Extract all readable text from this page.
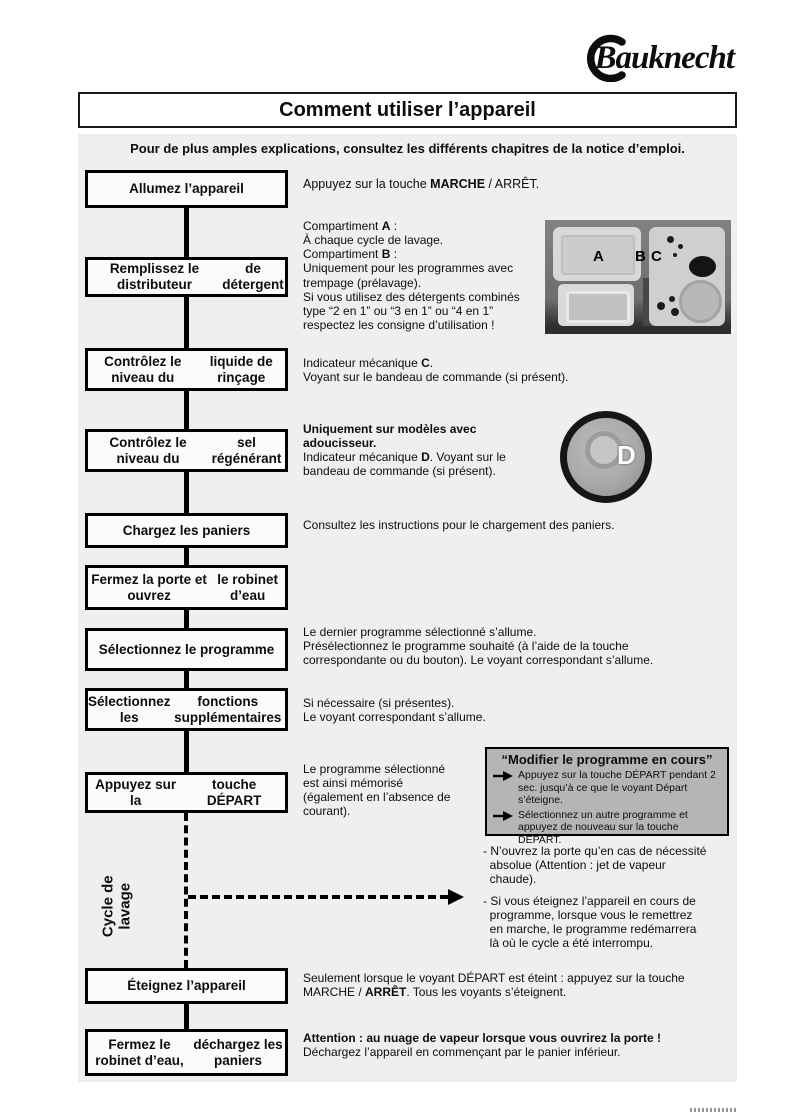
Bauknecht
Comment utiliser l’appareil
Pour de plus amples explications, consultez les différents chapitres de la notice d’emploi.
Allumez l’appareil
Remplissez le distributeur

de détergent
Contrôlez le niveau du

liquide de rinçage
Contrôlez le niveau du

sel régénérant
Chargez les paniers
Fermez la porte et ouvrez

le robinet d’eau
Sélectionnez le programme
Sélectionnez les

fonctions supplémentaires
Appuyez sur la

touche DÉPART
Éteignez l’appareil
Fermez le robinet d’eau,

déchargez les paniers
Cycle de
lavage
Appuyez sur la touche MARCHE / ARRÊT.
Compartiment A :
À chaque cycle de lavage.
Compartiment B :
Uniquement pour les programmes avec
trempage (prélavage).
Si vous utilisez des détergents combinés
type “2 en 1” ou “3 en 1” ou “4 en 1”
respectez les consigne d’utilisation !
Indicateur mécanique C.
Voyant sur le bandeau de commande (si présent).
Uniquement sur modèles avec
adoucisseur.
Indicateur mécanique D. Voyant sur le
bandeau de commande (si présent).
Consultez les instructions pour le chargement des paniers.
Le dernier programme sélectionné s’allume.
Présélectionnez le programme souhaité (à l’aide de la touche
correspondante ou du bouton). Le voyant correspondant s’allume.
Si nécessaire (si présentes).
Le voyant correspondant s’allume.
Le programme sélectionné
est ainsi mémorisé
(également en l’absence de
courant).
- N’ouvrez la porte qu’en cas de nécessité
absolue (Attention : jet de vapeur
chaude).
- Si vous éteignez l’appareil en cours de
programme, lorsque vous le remettrez
en marche, le programme redémarrera
là où le cycle a été interrompu.
Seulement lorsque le voyant DÉPART est éteint : appuyez sur la touche
MARCHE / ARRÊT. Tous les voyants s’éteignent.
Attention : au nuage de vapeur lorsque vous ouvrirez la porte !
Déchargez l’appareil en commençant par le panier inférieur.
“Modifier le programme en cours”
Appuyez sur la touche DÉPART pendant 2
sec. jusqu’à ce que le voyant Départ s’éteigne.
Sélectionnez un autre programme et
appuyez de nouveau sur la touche DÉPART.
A B C
D
